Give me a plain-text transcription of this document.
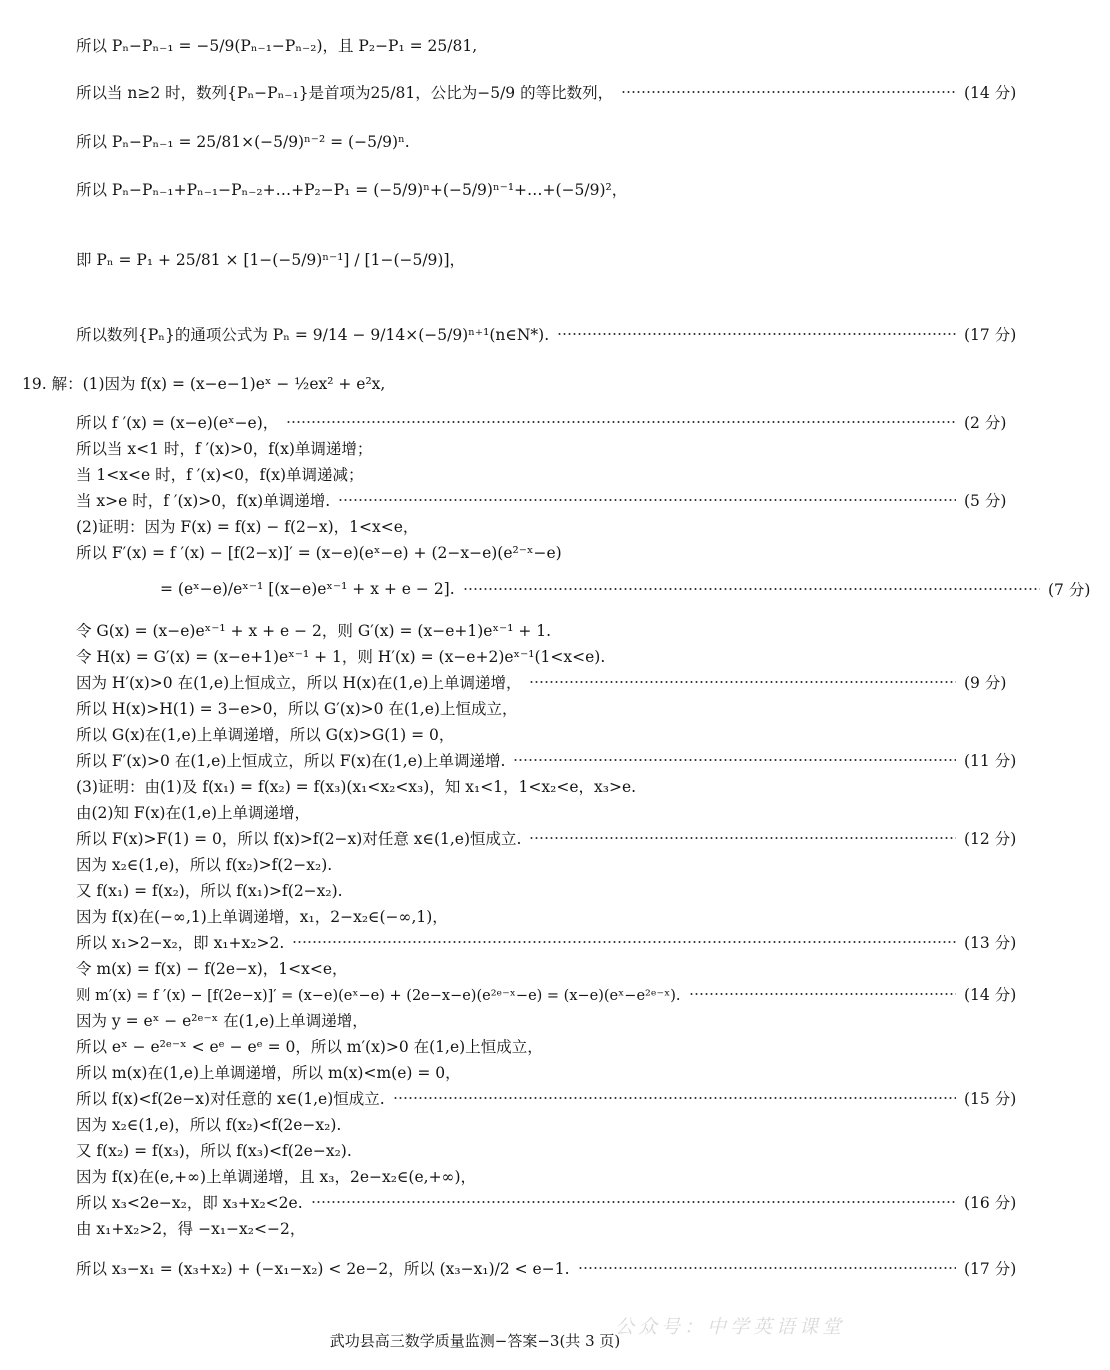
所以 Pₙ−Pₙ₋₁ = −5/9(Pₙ₋₁−Pₙ₋₂)，且 P₂−P₁ = 25/81,
所以当 n≥2 时，数列{Pₙ−Pₙ₋₁}是首项为25/81，公比为−5/9 的等比数列，	(14 分)
所以 Pₙ−Pₙ₋₁ = 25/81×(−5/9)ⁿ⁻² = (−5/9)ⁿ.
所以 Pₙ−Pₙ₋₁+Pₙ₋₁−Pₙ₋₂+…+P₂−P₁ = (−5/9)ⁿ+(−5/9)ⁿ⁻¹+…+(−5/9)²，
即 Pₙ = P₁ + 25/81 × [1−(−5/9)ⁿ⁻¹] / [1−(−5/9)]，
所以数列{Pₙ}的通项公式为 Pₙ = 9/14 − 9/14×(−5/9)ⁿ⁺¹(n∈N*).	(17 分)
19. 解：(1)因为 f(x) = (x−e−1)eˣ − ½ex² + e²x,
所以 f ′(x) = (x−e)(eˣ−e)，	(2 分)
所以当 x<1 时，f ′(x)>0，f(x)单调递增；
当 1<x<e 时，f ′(x)<0，f(x)单调递减；
当 x>e 时，f ′(x)>0，f(x)单调递增.	(5 分)
(2)证明：因为 F(x) = f(x) − f(2−x)，1<x<e，
所以 F′(x) = f ′(x) − [f(2−x)]′ = (x−e)(eˣ−e) + (2−x−e)(e²⁻ˣ−e)
= (eˣ−e)/eˣ⁻¹ [(x−e)eˣ⁻¹ + x + e − 2].	(7 分)
令 G(x) = (x−e)eˣ⁻¹ + x + e − 2，则 G′(x) = (x−e+1)eˣ⁻¹ + 1.
令 H(x) = G′(x) = (x−e+1)eˣ⁻¹ + 1，则 H′(x) = (x−e+2)eˣ⁻¹(1<x<e).
因为 H′(x)>0 在(1,e)上恒成立，所以 H(x)在(1,e)上单调递增，	(9 分)
所以 H(x)>H(1) = 3−e>0，所以 G′(x)>0 在(1,e)上恒成立，
所以 G(x)在(1,e)上单调递增，所以 G(x)>G(1) = 0，
所以 F′(x)>0 在(1,e)上恒成立，所以 F(x)在(1,e)上单调递增.	(11 分)
(3)证明：由(1)及 f(x₁) = f(x₂) = f(x₃)(x₁<x₂<x₃)，知 x₁<1，1<x₂<e，x₃>e.
由(2)知 F(x)在(1,e)上单调递增，
所以 F(x)>F(1) = 0，所以 f(x)>f(2−x)对任意 x∈(1,e)恒成立.	(12 分)
因为 x₂∈(1,e)，所以 f(x₂)>f(2−x₂).
又 f(x₁) = f(x₂)，所以 f(x₁)>f(2−x₂).
因为 f(x)在(−∞,1)上单调递增，x₁，2−x₂∈(−∞,1)，
所以 x₁>2−x₂，即 x₁+x₂>2.	(13 分)
令 m(x) = f(x) − f(2e−x)，1<x<e，
则 m′(x) = f ′(x) − [f(2e−x)]′ = (x−e)(eˣ−e) + (2e−x−e)(e²ᵉ⁻ˣ−e) = (x−e)(eˣ−e²ᵉ⁻ˣ).	(14 分)
因为 y = eˣ − e²ᵉ⁻ˣ 在(1,e)上单调递增，
所以 eˣ − e²ᵉ⁻ˣ < eᵉ − eᵉ = 0，所以 m′(x)>0 在(1,e)上恒成立，
所以 m(x)在(1,e)上单调递增，所以 m(x)<m(e) = 0，
所以 f(x)<f(2e−x)对任意的 x∈(1,e)恒成立.	(15 分)
因为 x₂∈(1,e)，所以 f(x₂)<f(2e−x₂).
又 f(x₂) = f(x₃)，所以 f(x₃)<f(2e−x₂).
因为 f(x)在(e,+∞)上单调递增，且 x₃，2e−x₂∈(e,+∞)，
所以 x₃<2e−x₂，即 x₃+x₂<2e.	(16 分)
由 x₁+x₂>2，得 −x₁−x₂<−2，
所以 x₃−x₁ = (x₃+x₂) + (−x₁−x₂) < 2e−2，所以 (x₃−x₁)/2 < e−1.	(17 分)
公众号：中学英语课堂
武功县高三数学质量监测−答案−3(共 3 页)
